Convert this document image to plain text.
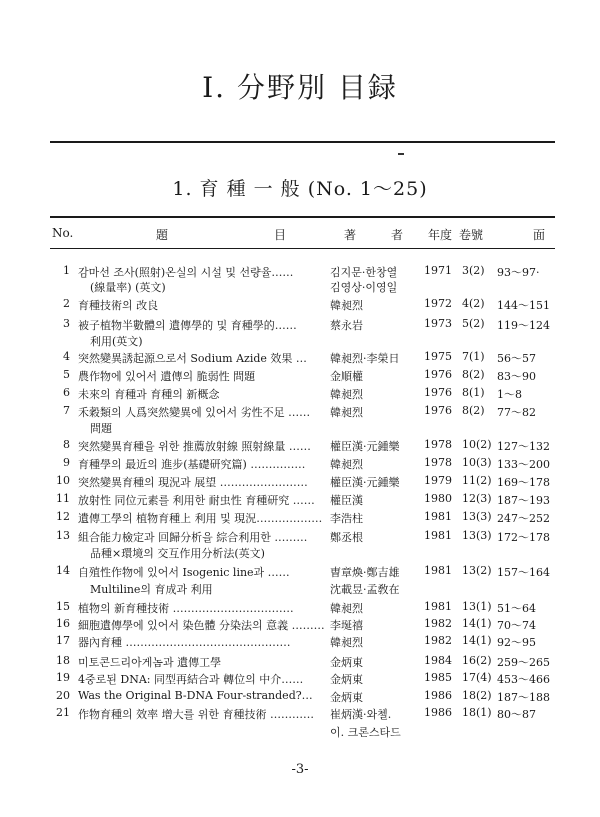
I. 分野別 目録
1. 育 種 一 般 (No. 1～25)
No.	題	目	著	者 年度 卷號	面
1 감마선 조사(照射)온실의 시설 및 선량율……	김지문·한창열	1971 3(2)	93～97·
(線量率) (英文)	김영상·이영일
2 育種技術의 改良	韓昶烈	1972 4(2)	144～151
3 被子植物半數體의 遺傳學的 및 育種學的……	蔡永岩	1973 5(2)	119～124
利用(英文)
4 突然變異誘起源으로서 Sodium Azide 效果 …	韓昶烈·李榮日	1975 7(1)	56～57
5 農作物에 있어서 遺傳의 脆弱性 問題	金順權	1976 8(2)	83～90
6 未來의 育種과 育種의 新概念	韓昶烈	1976 8(1)	1～8
7 禾穀類의 人爲突然變異에 있어서 劣性不足 ……	韓昶烈	1976 8(2)	77～82
問題
8 突然變異育種을 위한 推薦放射線 照射線量 ……	權臣漢·元鍾樂	1978 10(2) 127～132
9 育種學의 最近의 進步(基礎研究篇) ……………	韓昶烈	1978 10(3) 133～200
10 突然變異育種의 現況과 展望 ……………………	權臣漢·元鍾樂	1979 11(2) 169～178
11 放射性 同位元素를 利用한 耐虫性 育種研究 ……	權臣漢	1980 12(3) 187～193
12 遺傳工學의 植物育種上 利用 및 現況……………… 李浩柱	1981 13(3) 247～252
13 組合能力檢定과 回歸分析을 綜合利用한 ………	鄭丞根	1981 13(3) 172～178
品種×環境의 交互作用分析法(英文)
14 自殖性作物에 있어서 Isogenic line과 ……	曺章煥·鄭吉雄	1981 13(2) 157～164
Multiline의 育成과 利用	沈載昱·孟敎在
15 植物의 新育種技術 ……………………………	韓昶烈	1981 13(1) 51～64
16 細胞遺傳學에 있어서 染色體 分染法의 意義 ……… 李埏禧	1982 14(1) 70～74
17 器內育種 ………………………………………	韓昶烈	1982 14(1) 92～95
18 미토콘드리아게놈과 遺傳工學	金炳東	1984 16(2) 259～265
19 4중로된 DNA: 同型再結合과 轉位의 中介……	金炳東	1985 17(4) 453～466
20 Was the Original B-DNA Four-stranded?…	金炳東	1986 18(2) 187～188
21 作物育種의 效率 增大를 위한 育種技術 …………	崔炳漢·와첼.	1986 18(1) 80～87
이. 크론스타드
-3-
